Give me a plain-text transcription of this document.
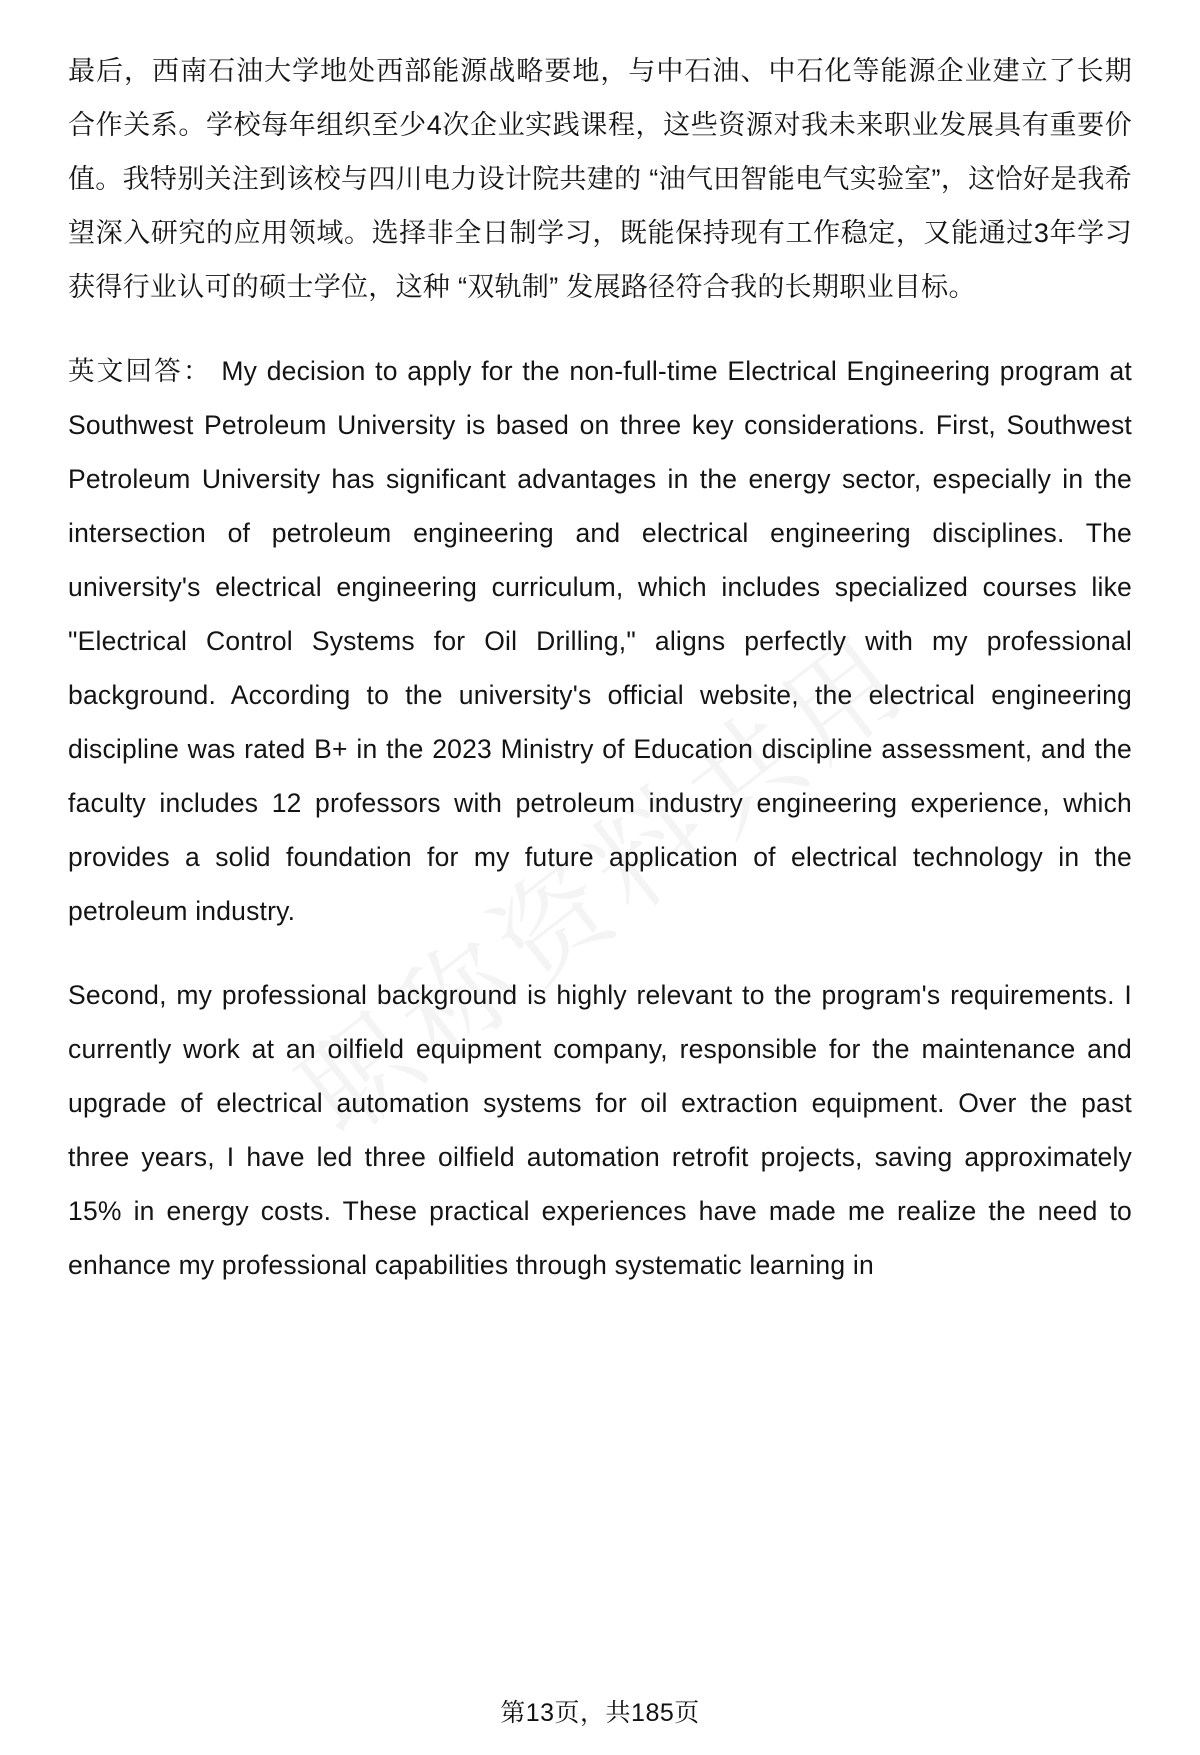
最后，西南石油大学地处西部能源战略要地，与中石油、中石化等能源企业建立了长期合作关系。学校每年组织至少4次企业实践课程，这些资源对我未来职业发展具有重要价值。我特别关注到该校与四川电力设计院共建的 “油气田智能电气实验室”，这恰好是我希望深入研究的应用领域。选择非全日制学习，既能保持现有工作稳定，又能通过3年学习获得行业认可的硕士学位，这种 “双轨制” 发展路径符合我的长期职业目标。

英文回答： My decision to apply for the non-full-time Electrical Engineering program at Southwest Petroleum University is based on three key considerations. First, Southwest Petroleum University has significant advantages in the energy sector, especially in the intersection of petroleum engineering and electrical engineering disciplines. The university's electrical engineering curriculum, which includes specialized courses like "Electrical Control Systems for Oil Drilling," aligns perfectly with my professional background. According to the university's official website, the electrical engineering discipline was rated B+ in the 2023 Ministry of Education discipline assessment, and the faculty includes 12 professors with petroleum industry engineering experience, which provides a solid foundation for my future application of electrical technology in the petroleum industry.

Second, my professional background is highly relevant to the program's requirements. I currently work at an oilfield equipment company, responsible for the maintenance and upgrade of electrical automation systems for oil extraction equipment. Over the past three years, I have led three oilfield automation retrofit projects, saving approximately 15% in energy costs. These practical experiences have made me realize the need to enhance my professional capabilities through systematic learning in

第13页，共185页
